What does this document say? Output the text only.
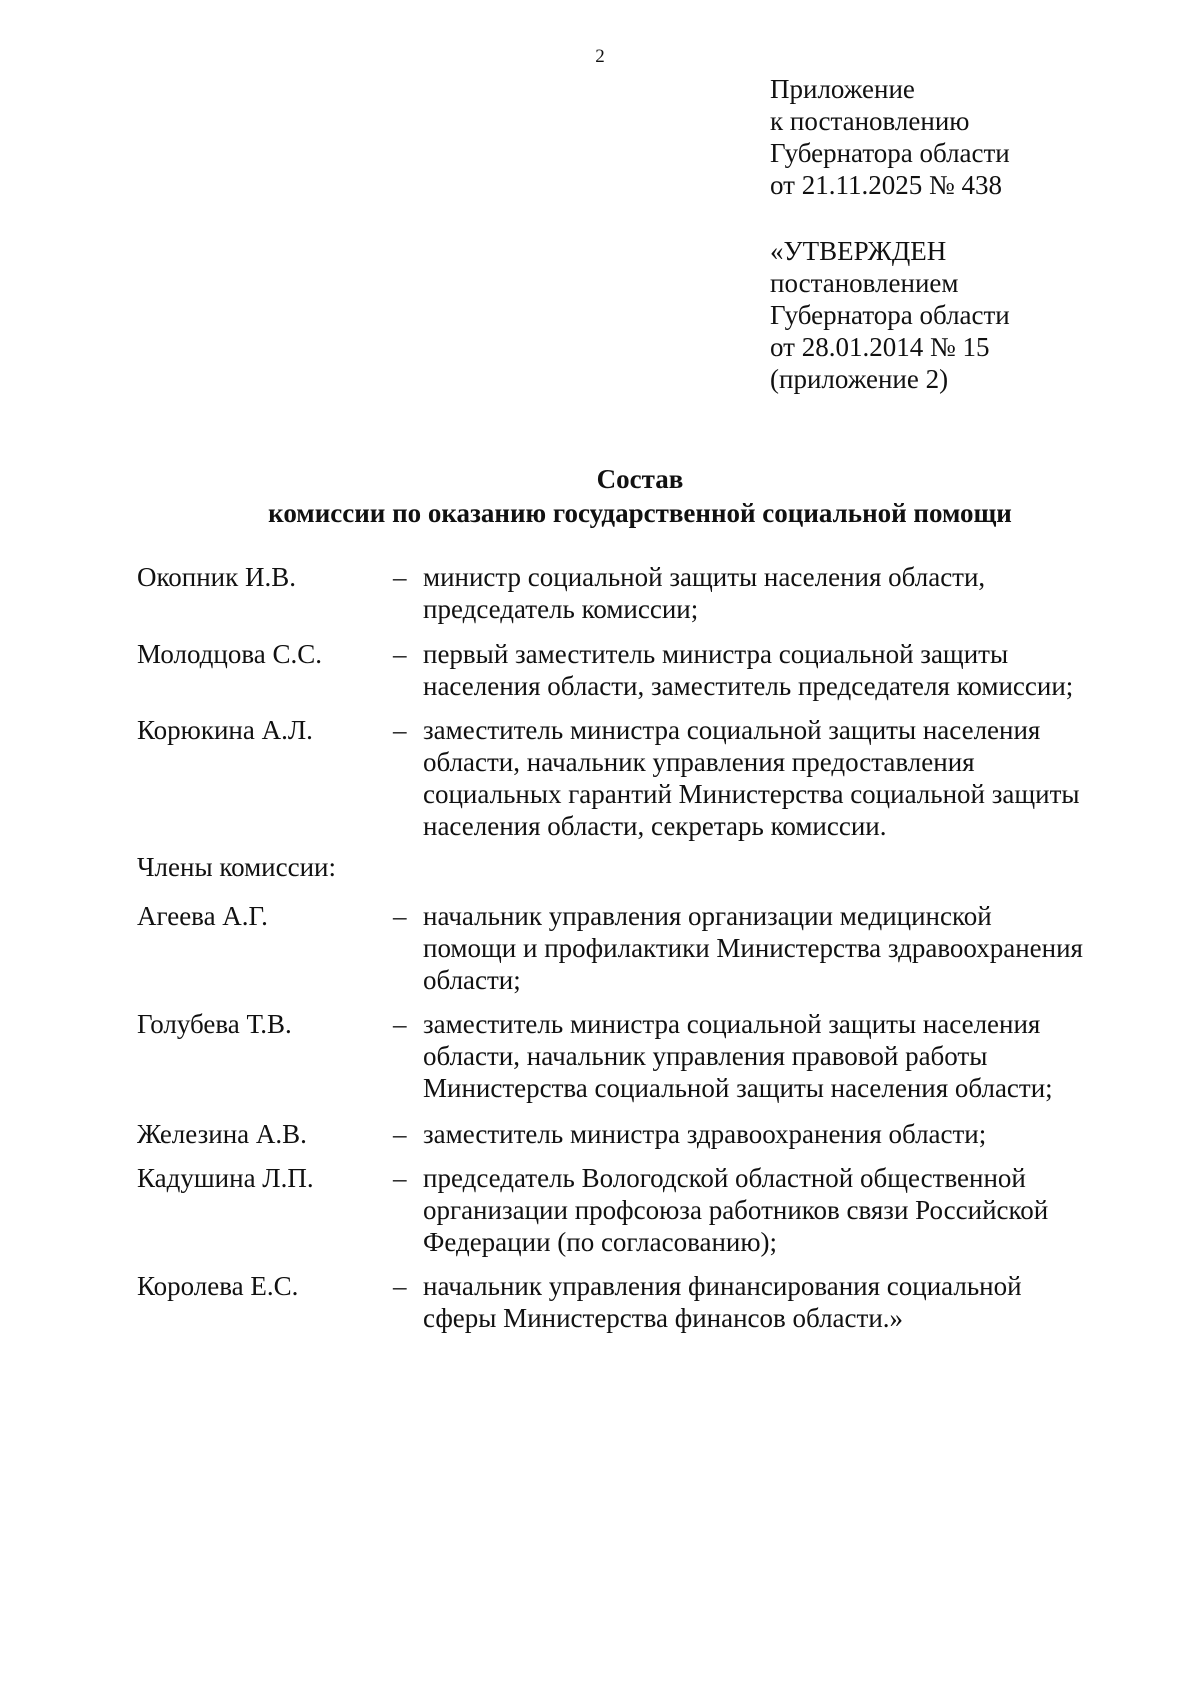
2
Приложение
к постановлению
Губернатора области
от 21.11.2025 № 438
«УТВЕРЖДЕН
постановлением
Губернатора области
от 28.01.2014 № 15
(приложение 2)
Состав
комиссии по оказанию государственной социальной помощи
Окопник И.В.	– министр социальной защиты населения области,
председатель комиссии;
Молодцова С.С.	– первый заместитель министра социальной защиты
населения области, заместитель председателя комиссии;
Корюкина А.Л.	– заместитель министра социальной защиты населения
области, начальник управления предоставления
социальных гарантий Министерства социальной защиты
населения области, секретарь комиссии.
Члены комиссии:
Агеева А.Г.	– начальник управления организации медицинской
помощи и профилактики Министерства здравоохранения
области;
Голубева Т.В.	– заместитель министра социальной защиты населения
области, начальник управления правовой работы
Министерства социальной защиты населения области;
Железина А.В.	– заместитель министра здравоохранения области;
Кадушина Л.П.	– председатель Вологодской областной общественной
организации профсоюза работников связи Российской
Федерации (по согласованию);
Королева Е.С.	– начальник управления финансирования социальной
сферы Министерства финансов области.»
